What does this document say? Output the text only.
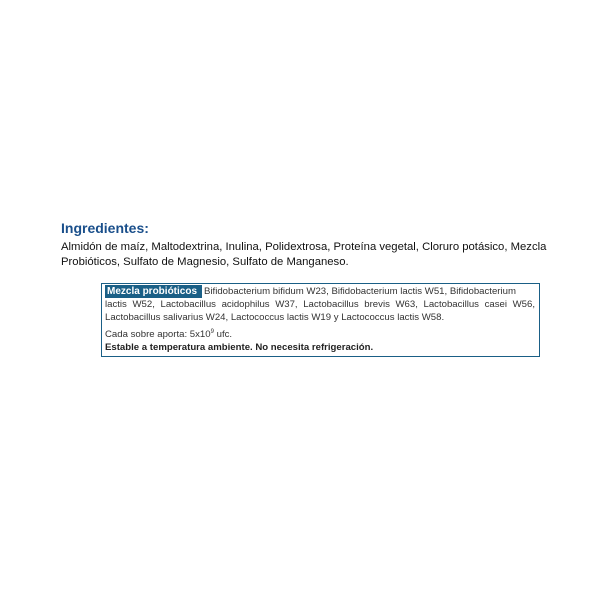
Ingredientes:

Almidón de maíz, Maltodextrina, Inulina, Polidextrosa, Proteína vegetal, Cloruro potásico, Mezcla Probióticos, Sulfato de Magnesio, Sulfato de Manganeso.

Mezcla probióticos Bifidobacterium bifidum W23, Bifidobacterium lactis W51, Bifidobacterium
lactis W52, Lactobacillus acidophilus W37, Lactobacillus brevis W63, Lactobacillus casei W56,
Lactobacillus salivarius W24, Lactococcus lactis W19 y Lactococcus lactis W58.
Cada sobre aporta: $5x10^9$ ufc.
Estable a temperatura ambiente. No necesita refrigeración.
